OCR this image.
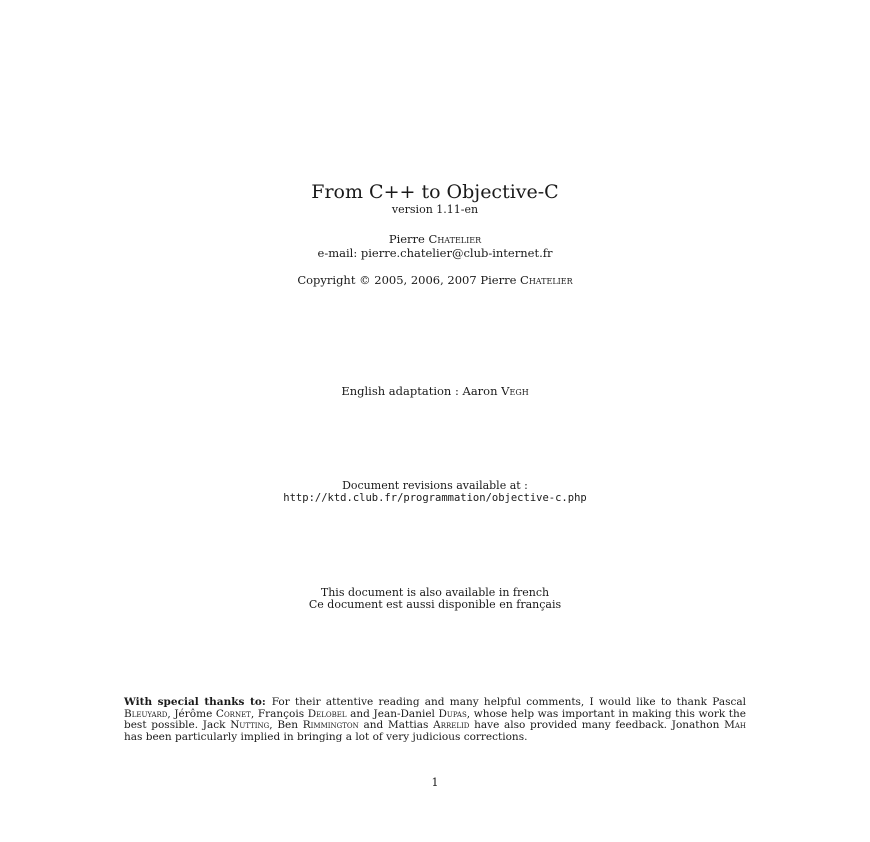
From C++ to Objective-C
version 1.11-en
Pierre Chatelier
e-mail: pierre.chatelier@club-internet.fr
Copyright © 2005, 2006, 2007 Pierre Chatelier
English adaptation : Aaron Vegh
Document revisions available at :
http://ktd.club.fr/programmation/objective-c.php
This document is also available in french
Ce document est aussi disponible en français
With special thanks to: For their attentive reading and many helpful comments, I would like to thank Pascal Bleuyard, Jérôme Cornet, François Delobel and Jean-Daniel Dupas, whose help was important in making this work the best possible. Jack Nutting, Ben Rimmington and Mattias Arrelid have also provided many feedback. Jonathon Mah has been particularly implied in bringing a lot of very judicious corrections.
1
